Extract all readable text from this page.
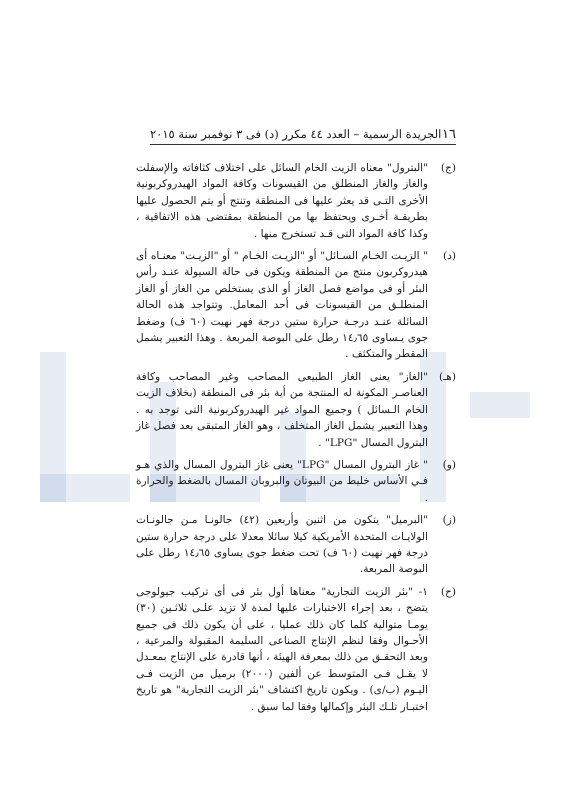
١٦
الجريدة الرسمية – العدد ٤٤ مكرر (د) فى ٣ نوفمبر سنة ٢٠١٥
(ج)
"البترول" معناه الزيت الخام السائل على اختلاف كثافاته والإسفلت والغاز والغاز المنطلق من القيسونات وكافة المواد الهيدروكربونية الأخرى التـى قد يعثر عليها فى المنطقة وتنتج أو يتم الحصول عليها بطريقـة أخـرى ويحتفظ بها من المنطقة بمقتضى هذه الاتفاقية ، وكذا كافة المواد التى قـد تستخرج منها .
(د)
" الزيـت الخـام السـائل" أو "الزيـت الخـام " أو "الزيـت" معنـاه أى هيدروكربون منتج من المنطقة ويكون فى حالة السيولة عنـد رأس البئر أو فى مواضع فصل الغاز أو الذى يستخلص من الغاز أو الغاز المنطلـق من القيسونات فى أحد المعامل. وتتواجد هذه الحالة السائلة عنـد درجـة حرارة ستين درجة فهر نهيت (٦٠ ف) وضغط جوى يـساوى ١٤٫٦٥ رطل على البوصة المربعة . وهذا التعبير يشمل المقطر والمتكثف .
(هـ)
"الغاز" يعنى الغاز الطبيعى المصاحب وغير المصاحب وكافة العناصـر المكونة له المنتجة من أية بئر فى المنطقة (بخلاف الزيت الخام الـسائل ) وجميع المواد غير الهيدروكربونية التى توجد به . وهذا التعبير يشمل الغاز المتخلف ، وهو الغاز المتبقى بعد فصل غاز البترول المسال "LPG" .
(و)
" غاز البترول المسال "LPG" يعنى غاز البترول المسال والذي هـو فـي الأساس خليط من البيوتان والبروبان المسال بالضغط والحرارة .
(ز)
"البرميل" يتكون من اثنين وأربعين (٤٢) جالونـا مـن جالونـات الولايـات المتحدة الأمريكية كيلا سائلا معدلا على درجة حرارة ستين درجة فهر نهيت (٦٠ ف) تحت ضغط جوى يساوى ١٤٫٦٥ رطل على البوصة المربعة.
(ح)
١- "بئر الزيت التجارية" معناها أول بئر فى أى تركيب جيولوجى يتضح ، بعد إجراء الاختبارات عليها لمدة لا تزيد علـى ثلاثـين (٣٠) يومـا متوالية كلما كان ذلك عمليا ، على أن يكون ذلك فى جميع الأحـوال وفقا لنظم الإنتاج الصناعى السليمة المقبولة والمرعية ، وبعد التحقـق من ذلك بمعرفة الهيئة ، أنها قادرة على الإنتاج بمعـدل لا يقـل فـى المتوسط عن ألفين (٢٠٠٠) برميل من الزيت فـى اليـوم (ب/ى) . ويكون تاريخ اكتشاف "بئر الزيت التجارية" هو تاريخ اختبـار تلـك البئر وإكمالها وفقا لما سبق .
